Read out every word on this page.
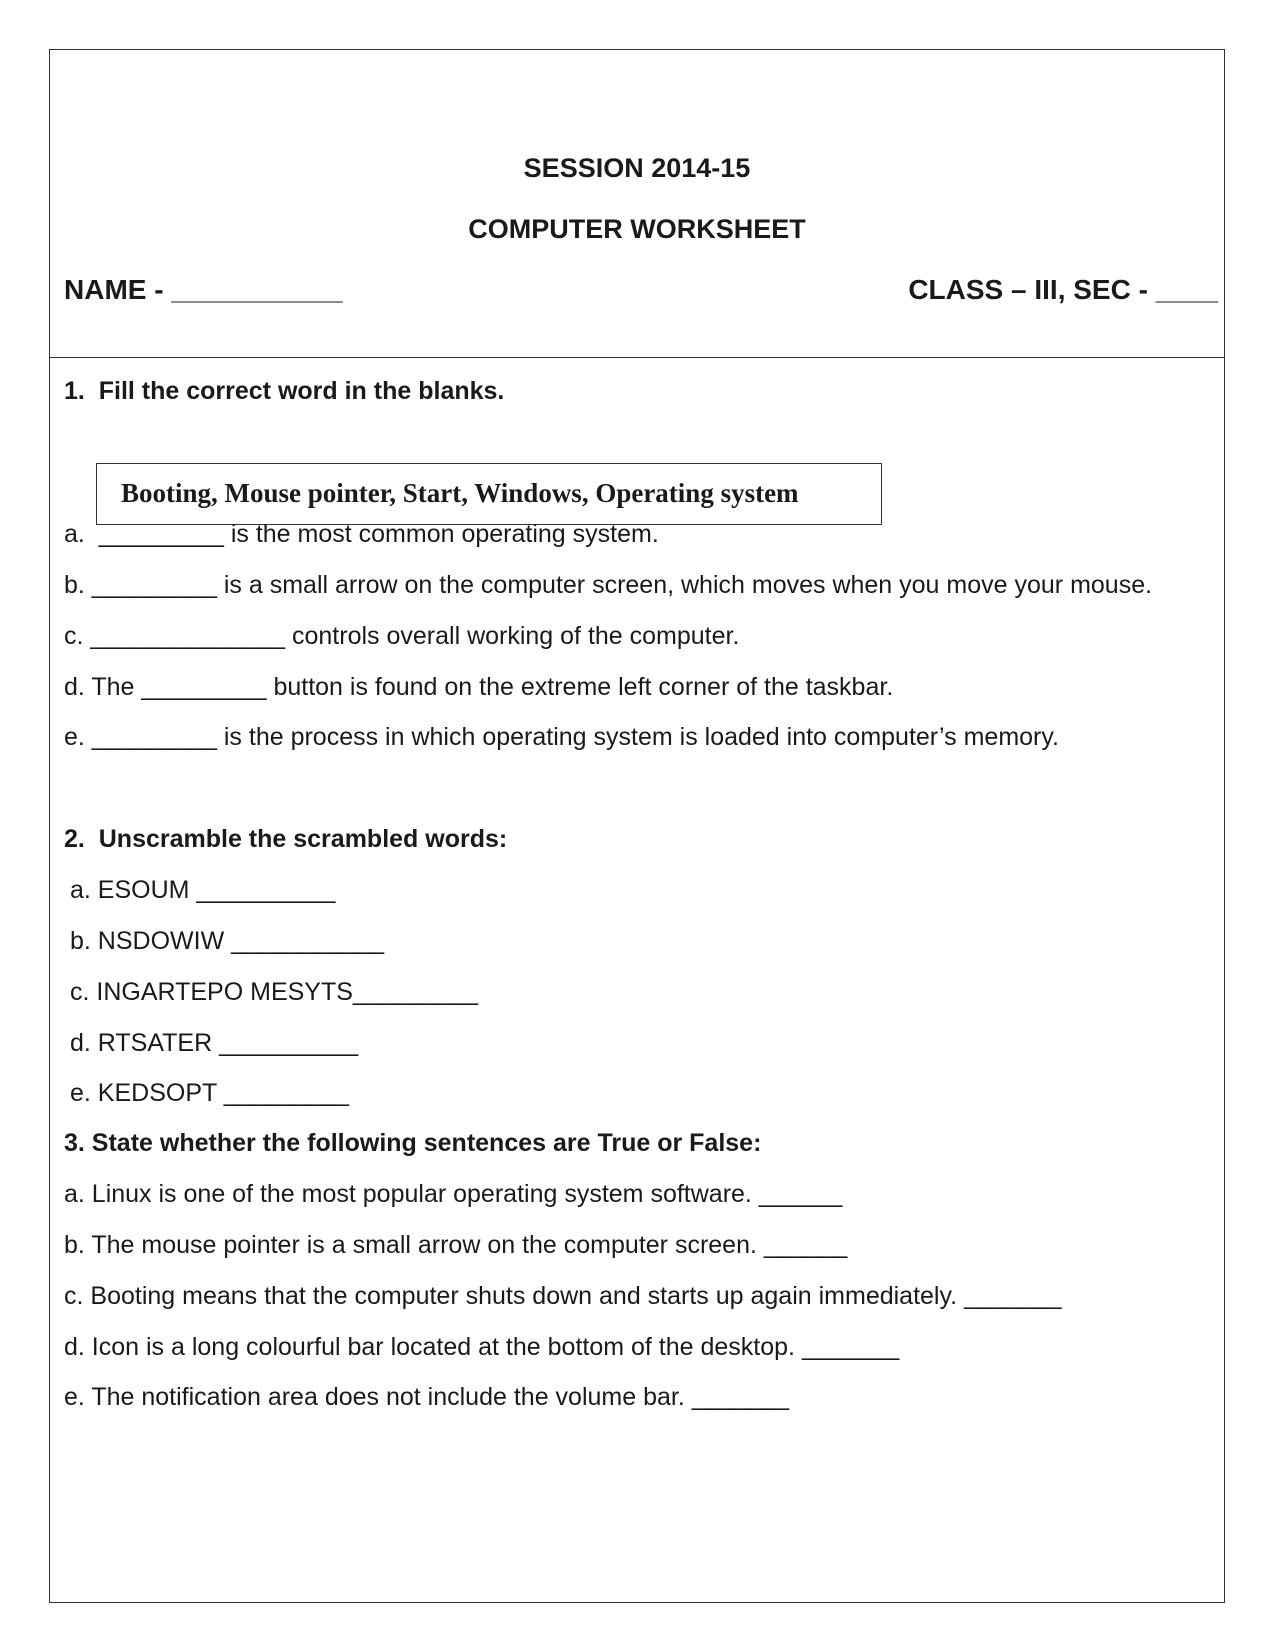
SESSION 2014-15
COMPUTER WORKSHEET
NAME - ___________	CLASS – III, SEC - ____
1.  Fill the correct word in the blanks.
Booting, Mouse pointer, Start, Windows, Operating system
a.  _________ is the most common operating system.
b. _________ is a small arrow on the computer screen, which moves when you move your mouse.
c. ______________ controls overall working of the computer.
d. The _________ button is found on the extreme left corner of the taskbar.
e. _________ is the process in which operating system is loaded into computer’s memory.
2.  Unscramble the scrambled words:
a. ESOUM __________
b. NSDOWIW ___________
c. INGARTEPO MESYTS_________
d. RTSATER __________
e. KEDSOPT _________
3. State whether the following sentences are True or False:
a. Linux is one of the most popular operating system software. ______
b. The mouse pointer is a small arrow on the computer screen. ______
c. Booting means that the computer shuts down and starts up again immediately. _______
d. Icon is a long colourful bar located at the bottom of the desktop. _______
e. The notification area does not include the volume bar. _______
